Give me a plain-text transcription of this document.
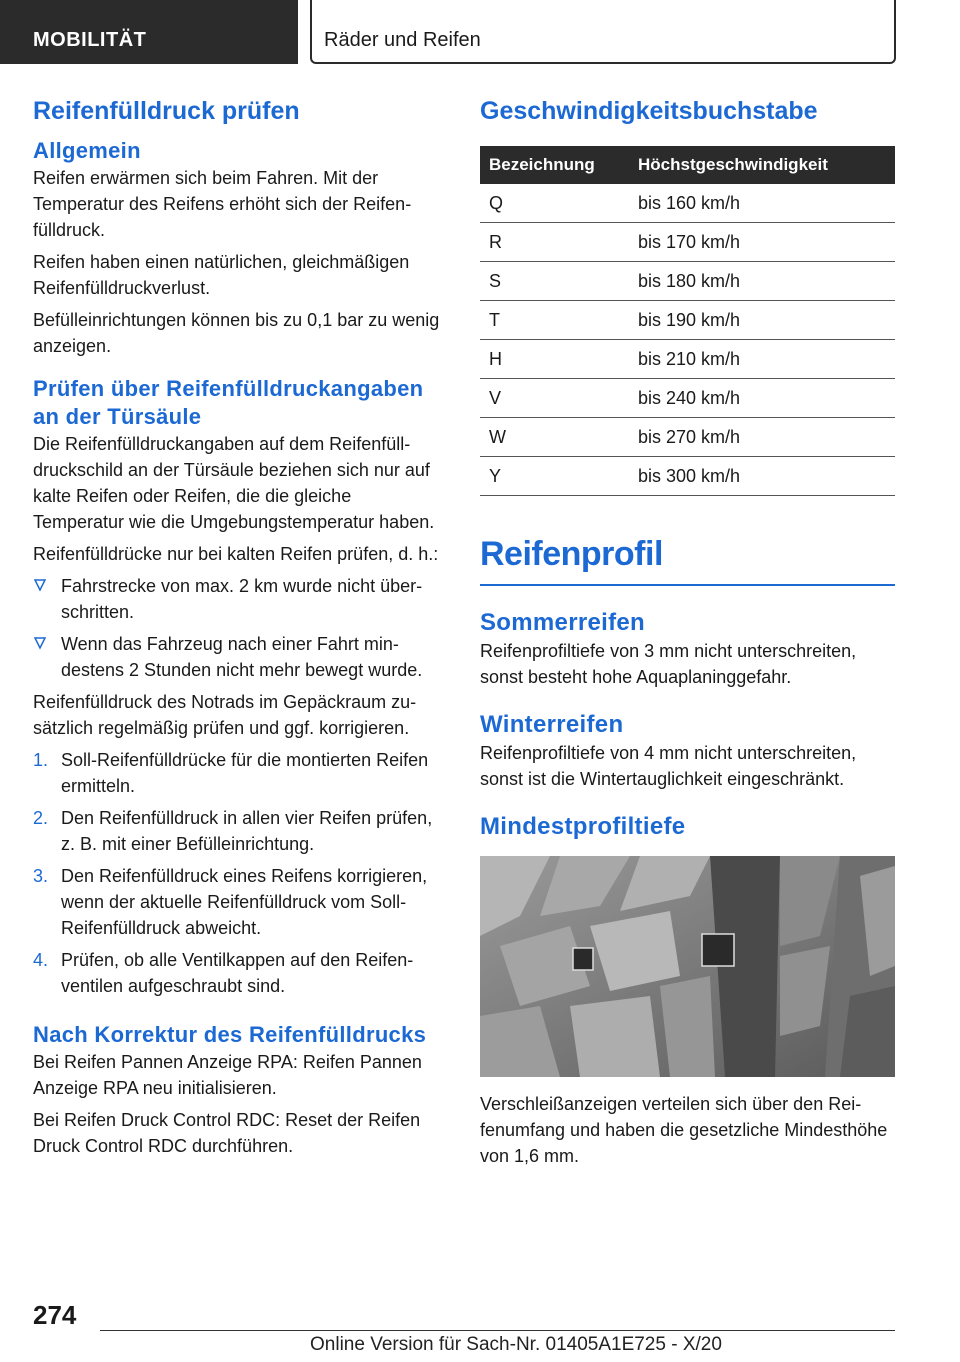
MOBILITÄT	Räder und Reifen
Reifenfülldruck prüfen
Allgemein

Reifen erwärmen sich beim Fahren. Mit der Temperatur des Reifens erhöht sich der Reifenfülldruck.

Reifen haben einen natürlichen, gleichmäßigen Reifenfülldruckverlust.

Befülleinrichtungen können bis zu 0,1 bar zu wenig anzeigen.

Prüfen über Reifenfülldruckangaben an der Türsäule

Die Reifenfülldruckangaben auf dem Reifenfülldruckschild an der Türsäule beziehen sich nur auf kalte Reifen oder Reifen, die die gleiche Temperatur wie die Umgebungstemperatur haben.

Reifenfülldrücke nur bei kalten Reifen prüfen, d. h.:

Fahrstrecke von max. 2 km wurde nicht überschritten.
Wenn das Fahrzeug nach einer Fahrt mindestens 2 Stunden nicht mehr bewegt wurde.

Reifenfülldruck des Notrads im Gepäckraum zusätzlich regelmäßig prüfen und ggf. korrigieren.

1. Soll-Reifenfülldrücke für die montierten Reifen ermitteln.
2. Den Reifenfülldruck in allen vier Reifen prüfen, z. B. mit einer Befülleinrichtung.
3. Den Reifenfülldruck eines Reifens korrigieren, wenn der aktuelle Reifenfülldruck vom Soll-Reifenfülldruck abweicht.
4. Prüfen, ob alle Ventilkappen auf den Reifenventilen aufgeschraubt sind.
Nach Korrektur des Reifenfülldrucks

Bei Reifen Pannen Anzeige RPA: Reifen Pannen Anzeige RPA neu initialisieren.

Bei Reifen Druck Control RDC: Reset der Reifen Druck Control RDC durchführen.

Geschwindigkeitsbuchstabe
Bezeichnung	Höchstgeschwindigkeit
Q	bis 160 km/h
R	bis 170 km/h
S	bis 180 km/h
T	bis 190 km/h
H	bis 210 km/h
V	bis 240 km/h
W	bis 270 km/h
Y	bis 300 km/h
Reifenprofil
Sommerreifen

Reifenprofiltiefe von 3 mm nicht unterschreiten, sonst besteht hohe Aquaplaninggefahr.

Winterreifen

Reifenprofiltiefe von 4 mm nicht unterschreiten, sonst ist die Wintertauglichkeit eingeschränkt.

Mindestprofiltiefe

Verschleißanzeigen verteilen sich über den Reifenumfang und haben die gesetzliche Mindesthöhe von 1,6 mm.

274
Online Version für Sach-Nr. 01405A1E725 - X/20
